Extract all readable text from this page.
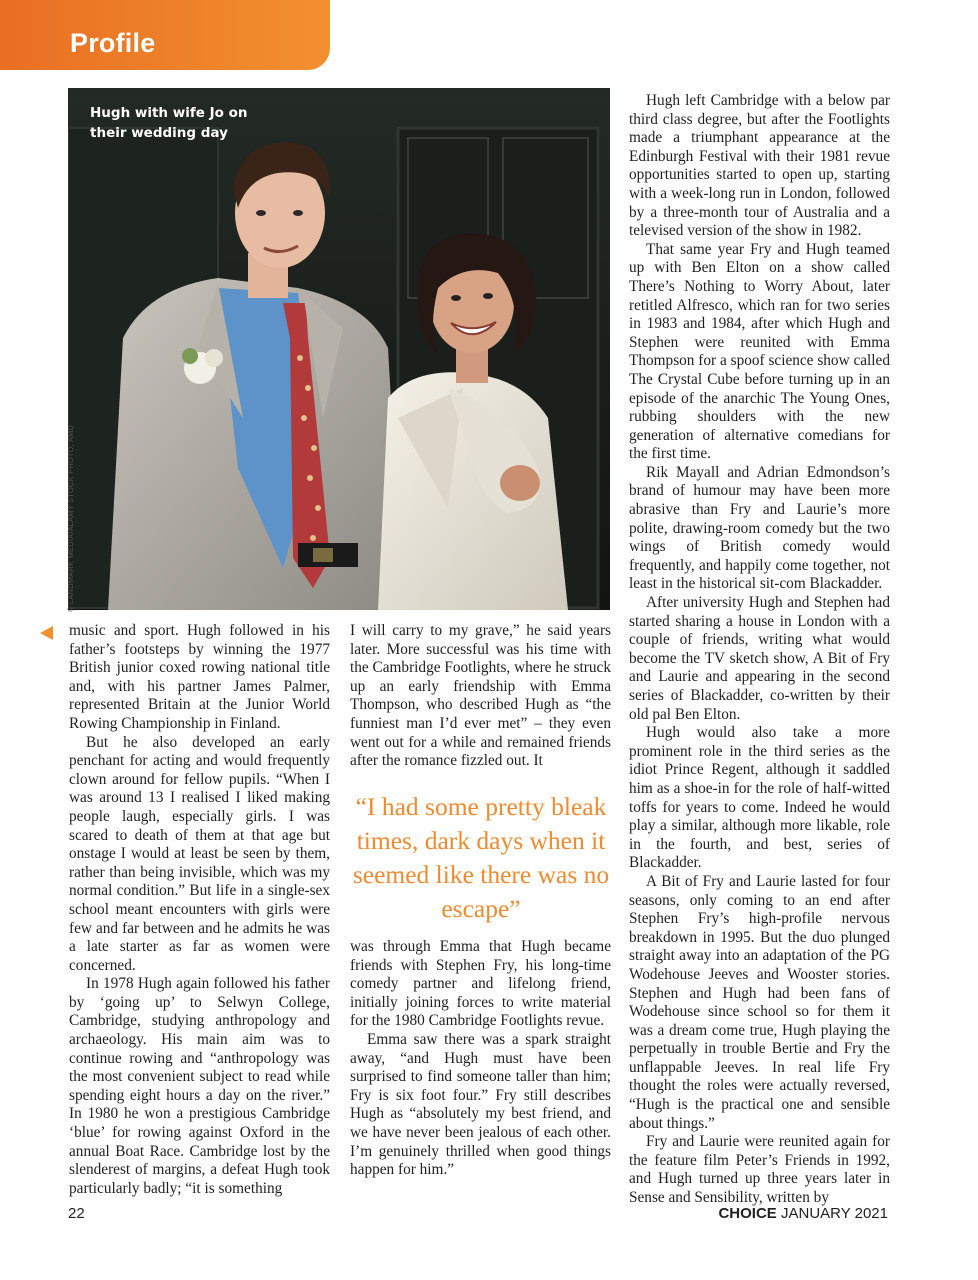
Profile
Hugh with wife Jo on their wedding day
© LANDMARK MEDIA/ALAMY STOCK PHOTO; AMD

music and sport. Hugh followed in his father’s footsteps by winning the 1977 British junior coxed rowing national title and, with his partner James Palmer, represented Britain at the Junior World Rowing Championship in Finland.

But he also developed an early penchant for acting and would frequently clown around for fellow pupils. “When I was around 13 I realised I liked making people laugh, especially girls. I was scared to death of them at that age but onstage I would at least be seen by them, rather than being invisible, which was my normal condition.” But life in a single-sex school meant encounters with girls were few and far between and he admits he was a late starter as far as women were concerned.

In 1978 Hugh again followed his father by ‘going up’ to Selwyn College, Cambridge, studying anthropology and archaeology. His main aim was to continue rowing and “anthropology was the most convenient subject to read while spending eight hours a day on the river.” In 1980 he won a prestigious Cambridge ‘blue’ for rowing against Oxford in the annual Boat Race. Cambridge lost by the slenderest of margins, a defeat Hugh took particularly badly; “it is something

I will carry to my grave,” he said years later. More successful was his time with the Cambridge Footlights, where he struck up an early friendship with Emma Thompson, who described Hugh as “the funniest man I’d ever met” – they even went out for a while and remained friends after the romance fizzled out. It

“I had some pretty bleak times, dark days when it seemed like there was no escape”

was through Emma that Hugh became friends with Stephen Fry, his long-time comedy partner and lifelong friend, initially joining forces to write material for the 1980 Cambridge Footlights revue.

Emma saw there was a spark straight away, “and Hugh must have been surprised to find someone taller than him; Fry is six foot four.” Fry still describes Hugh as “absolutely my best friend, and we have never been jealous of each other. I’m genuinely thrilled when good things happen for him.”

Hugh left Cambridge with a below par third class degree, but after the Footlights made a triumphant appearance at the Edinburgh Festival with their 1981 revue opportunities started to open up, starting with a week-long run in London, followed by a three-month tour of Australia and a televised version of the show in 1982.

That same year Fry and Hugh teamed up with Ben Elton on a show called There’s Nothing to Worry About, later retitled Alfresco, which ran for two series in 1983 and 1984, after which Hugh and Stephen were reunited with Emma Thompson for a spoof science show called The Crystal Cube before turning up in an episode of the anarchic The Young Ones, rubbing shoulders with the new generation of alternative comedians for the first time.

Rik Mayall and Adrian Edmondson’s brand of humour may have been more abrasive than Fry and Laurie’s more polite, drawing-room comedy but the two wings of British comedy would frequently, and happily come together, not least in the historical sit-com Blackadder.

After university Hugh and Stephen had started sharing a house in London with a couple of friends, writing what would become the TV sketch show, A Bit of Fry and Laurie and appearing in the second series of Blackadder, co-written by their old pal Ben Elton.

Hugh would also take a more prominent role in the third series as the idiot Prince Regent, although it saddled him as a shoe-in for the role of half-witted toffs for years to come. Indeed he would play a similar, although more likable, role in the fourth, and best, series of Blackadder.

A Bit of Fry and Laurie lasted for four seasons, only coming to an end after Stephen Fry’s high-profile nervous breakdown in 1995. But the duo plunged straight away into an adaptation of the PG Wodehouse Jeeves and Wooster stories. Stephen and Hugh had been fans of Wodehouse since school so for them it was a dream come true, Hugh playing the perpetually in trouble Bertie and Fry the unflappable Jeeves. In real life Fry thought the roles were actually reversed, “Hugh is the practical one and sensible about things.”

Fry and Laurie were reunited again for the feature film Peter’s Friends in 1992, and Hugh turned up three years later in Sense and Sensibility, written by

22	CHOICE JANUARY 2021
